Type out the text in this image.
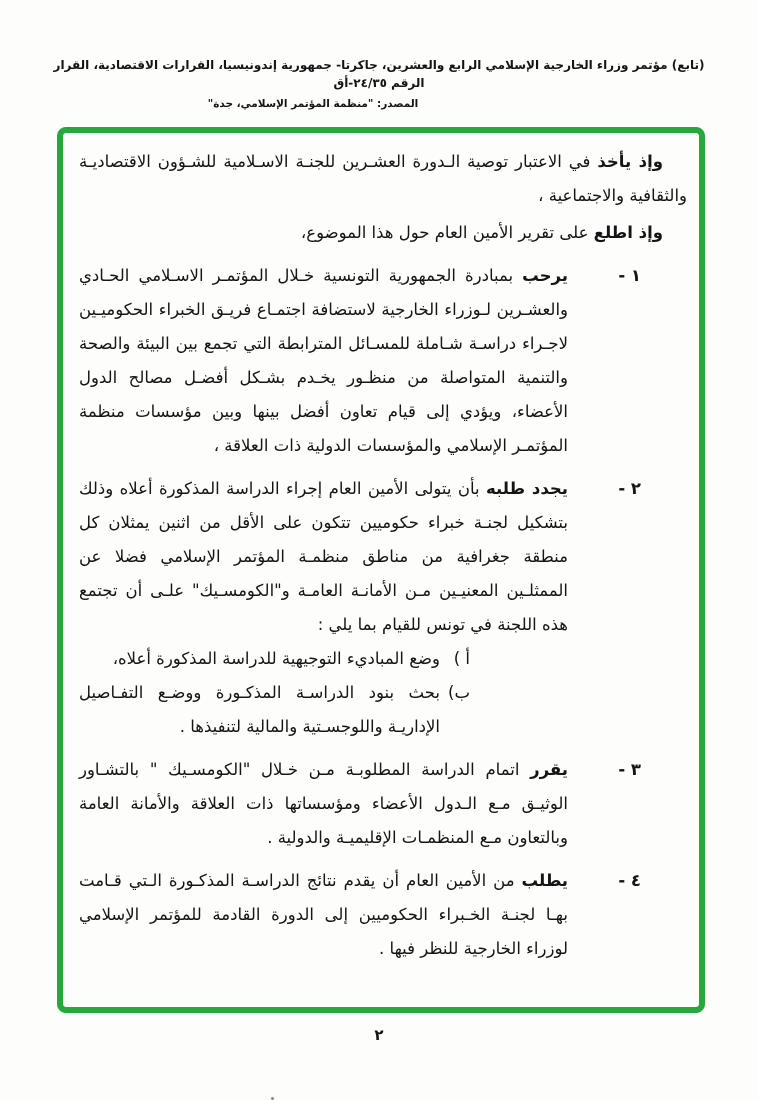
(تابع) مؤتمر وزراء الخارجية الإسلامي الرابع والعشرين، جاكرتا- جمهورية إندونيسيا، القرارات الاقتصادية، القرار الرقم ٢٤/٣٥-أق
المصدر: "منظمة المؤتمر الإسلامي، جدة"

وإذ يأخذ في الاعتبار توصية الـدورة العشـرين للجنـة الاسـلامية للشـؤون الاقتصاديـة والثقافية والاجتماعية ،

وإذ اطلع على تقرير الأمين العام حول هذا الموضوع،

١ -
يرحب بمبادرة الجمهورية التونسية خـلال المؤتمـر الاسـلامي الحـادي والعشـرين لـوزراء الخارجية لاستضافة اجتمـاع فريـق الخبراء الحكوميـين لاجـراء دراسـة شـاملة للمسـائل المترابطة التي تجمع بين البيئة والصحة والتنمية المتواصلة من منظـور يخـدم بشـكل أفضـل مصالح الدول الأعضاء، ويؤدي إلى قيام تعاون أفضل بينها وبين مؤسسات منظمة المؤتمـر الإسلامي والمؤسسات الدولية ذات العلاقة ،
٢ -

يجدد طلبه بأن يتولى الأمين العام إجراء الدراسة المذكورة أعلاه وذلك بتشكيل لجنـة خبراء حكوميين تتكون على الأقل من اثنين يمثلان كل منطقة جغرافية من مناطق منظمـة المؤتمر الإسلامي فضلا عن الممثلـين المعنيـين مـن الأمانـة العامـة و"الكومسـيك" علـى أن تجتمع هذه اللجنة في تونس للقيام بما يلي :

أ )
وضع المباديء التوجيهية للدراسة المذكورة أعلاه،
ب)
بحث بنود الدراسـة المذكـورة ووضـع التفـاصيل الإداريـة واللوجسـتية والمالية لتنفيذها .
٣ -
يقرر اتمام الدراسة المطلوبـة مـن خـلال "الكومسـيك " بالتشـاور الوثيـق مـع الـدول الأعضاء ومؤسساتها ذات العلاقة والأمانة العامة وبالتعاون مـع المنظمـات الإقليميـة والدولية .
٤ -
يطلب من الأمين العام أن يقدم نتائج الدراسـة المذكـورة الـتي قـامت بهـا لجنـة الخـبراء الحكوميين إلى الدورة القادمة للمؤتمر الإسلامي لوزراء الخارجية للنظر فيها .
٢
